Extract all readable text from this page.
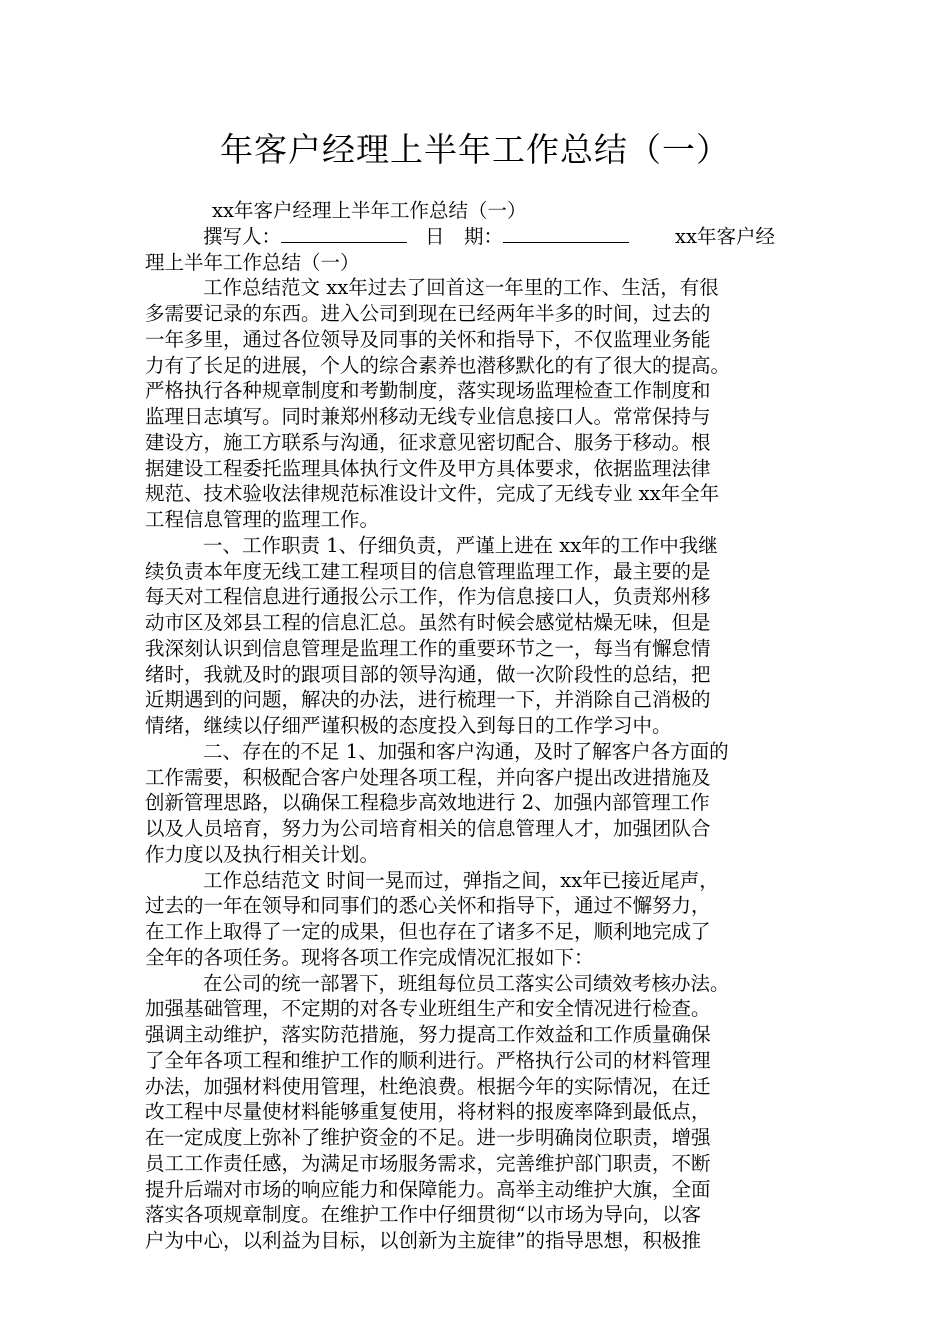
年客户经理上半年工作总结（一）
xx年客户经理上半年工作总结（一）
撰写人：	日　期：	xx年客户经
理上半年工作总结（一）
工作总结范文 xx年过去了回首这一年里的工作、生活，有很
多需要记录的东西。进入公司到现在已经两年半多的时间，过去的
一年多里，通过各位领导及同事的关怀和指导下，不仅监理业务能
力有了长足的进展，个人的综合素养也潜移默化的有了很大的提高。
严格执行各种规章制度和考勤制度，落实现场监理检查工作制度和
监理日志填写。同时兼郑州移动无线专业信息接口人。常常保持与
建设方，施工方联系与沟通，征求意见密切配合、服务于移动。根
据建设工程委托监理具体执行文件及甲方具体要求，依据监理法律
规范、技术验收法律规范标准设计文件，完成了无线专业 xx年全年
工程信息管理的监理工作。
一、工作职责 1、仔细负责，严谨上进在 xx年的工作中我继
续负责本年度无线工建工程项目的信息管理监理工作，最主要的是
每天对工程信息进行通报公示工作，作为信息接口人，负责郑州移
动市区及郊县工程的信息汇总。虽然有时候会感觉枯燥无味，但是
我深刻认识到信息管理是监理工作的重要环节之一，每当有懈怠情
绪时，我就及时的跟项目部的领导沟通，做一次阶段性的总结，把
近期遇到的问题，解决的办法，进行梳理一下，并消除自己消极的
情绪，继续以仔细严谨积极的态度投入到每日的工作学习中。
二、存在的不足 1、加强和客户沟通，及时了解客户各方面的
工作需要，积极配合客户处理各项工程，并向客户提出改进措施及
创新管理思路，以确保工程稳步高效地进行 2、加强内部管理工作
以及人员培育，努力为公司培育相关的信息管理人才，加强团队合
作力度以及执行相关计划。
工作总结范文 时间一晃而过，弹指之间，xx年已接近尾声，
过去的一年在领导和同事们的悉心关怀和指导下，通过不懈努力，
在工作上取得了一定的成果，但也存在了诸多不足，顺利地完成了
全年的各项任务。现将各项工作完成情况汇报如下：
在公司的统一部署下，班组每位员工落实公司绩效考核办法。
加强基础管理，不定期的对各专业班组生产和安全情况进行检查。
强调主动维护，落实防范措施，努力提高工作效益和工作质量确保
了全年各项工程和维护工作的顺利进行。严格执行公司的材料管理
办法，加强材料使用管理，杜绝浪费。根据今年的实际情况，在迁
改工程中尽量使材料能够重复使用，将材料的报废率降到最低点，
在一定成度上弥补了维护资金的不足。进一步明确岗位职责，增强
员工工作责任感，为满足市场服务需求，完善维护部门职责，不断
提升后端对市场的响应能力和保障能力。高举主动维护大旗，全面
落实各项规章制度。在维护工作中仔细贯彻“以市场为导向，以客
户为中心，以利益为目标，以创新为主旋律”的指导思想，积极推
